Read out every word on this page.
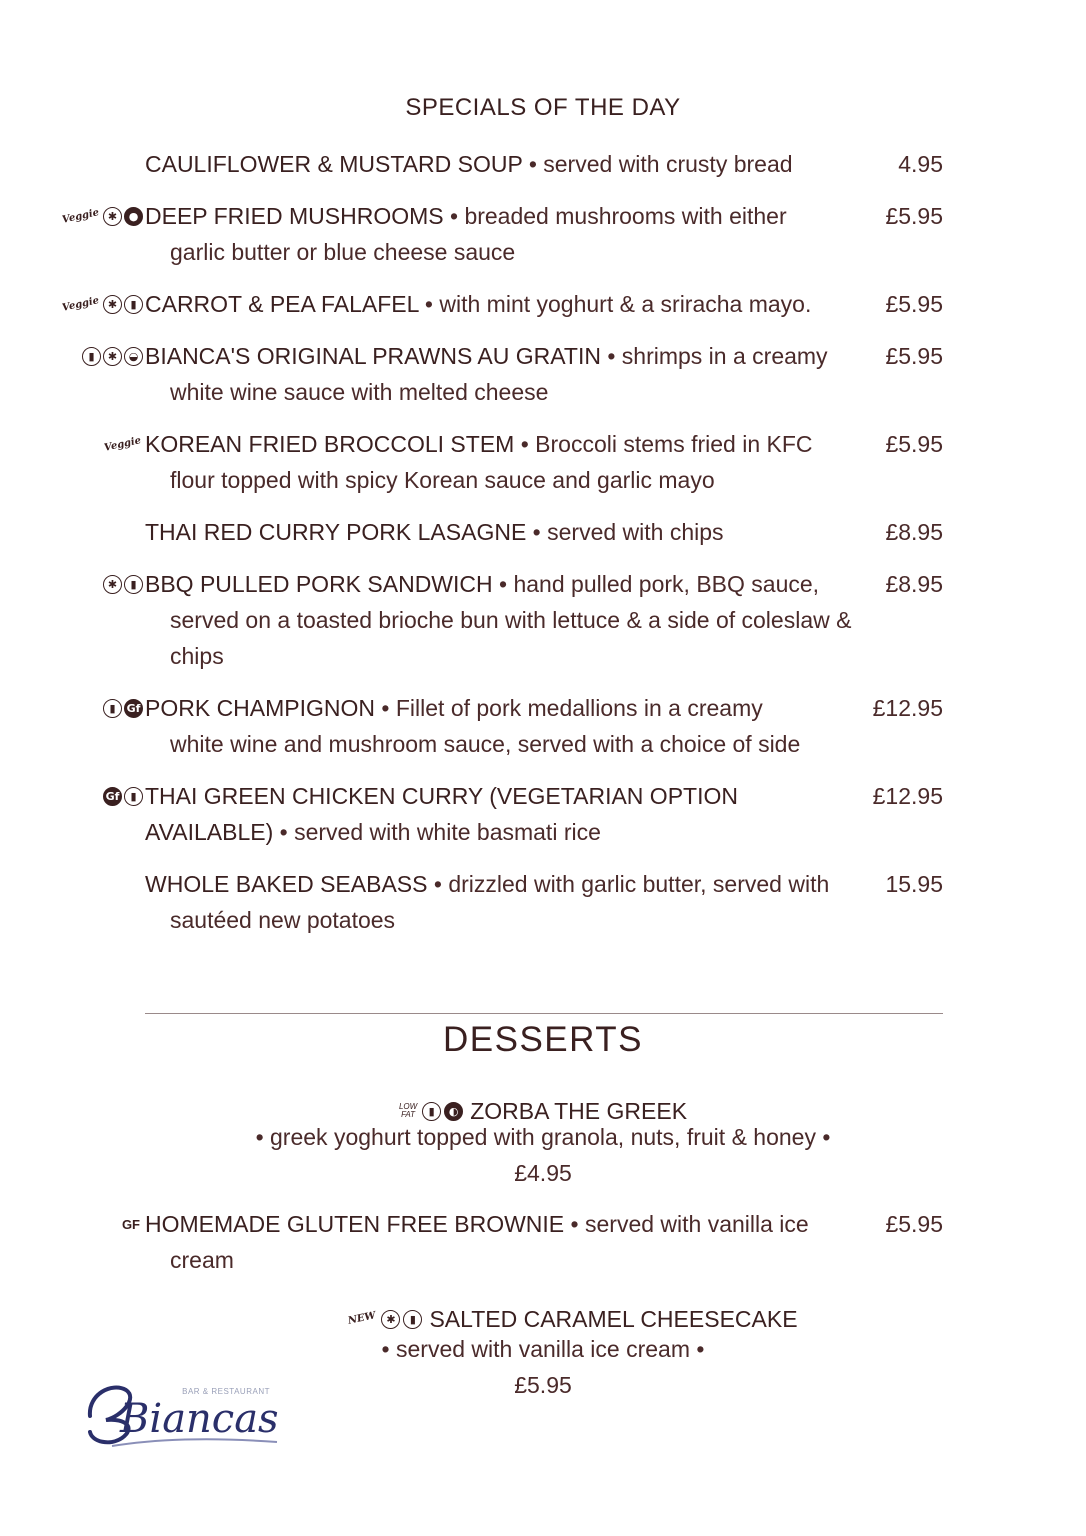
SPECIALS OF THE DAY
CAULIFLOWER & MUSTARD SOUP • served with crusty bread	4.95
Veggie ✱	● DEEP FRIED MUSHROOMS • breaded mushrooms with either
garlic butter or blue cheese sauce
£5.95
Veggie ✱	▮ CARROT & PEA FALAFEL • with mint yoghurt & a sriracha mayo.	£5.95
▮	✱	◒ BIANCA'S ORIGINAL PRAWNS AU GRATIN • shrimps in a creamy
white wine sauce with melted cheese
£5.95
Veggie KOREAN FRIED BROCCOLI STEM • Broccoli stems fried in KFC
flour topped with spicy Korean sauce and garlic mayo
£5.95
THAI RED CURRY PORK LASAGNE • served with chips	£8.95
✱	▮ BBQ PULLED PORK SANDWICH • hand pulled pork, BBQ sauce,
served on a toasted brioche bun with lettuce & a side of coleslaw &
chips
£8.95
▮	Gf PORK CHAMPIGNON • Fillet of pork medallions in a creamy
white wine and mushroom sauce, served with a choice of side
£12.95
Gf	▮ THAI GREEN CHICKEN CURRY (VEGETARIAN OPTION
AVAILABLE) • served with white basmati rice
£12.95
WHOLE BAKED SEABASS • drizzled with garlic butter, served with
sautéed new potatoes
15.95
DESSERTS
LOW
FAT	▮	◐ ZORBA THE GREEK
• greek yoghurt topped with granola, nuts, fruit & honey •
£4.95
GF HOMEMADE GLUTEN FREE BROWNIE • served with vanilla ice
cream
£5.95
NEW ✱	▮ SALTED CARAMEL CHEESECAKE
• served with vanilla ice cream •
£5.95
BAR & RESTAURANT
Biancas
